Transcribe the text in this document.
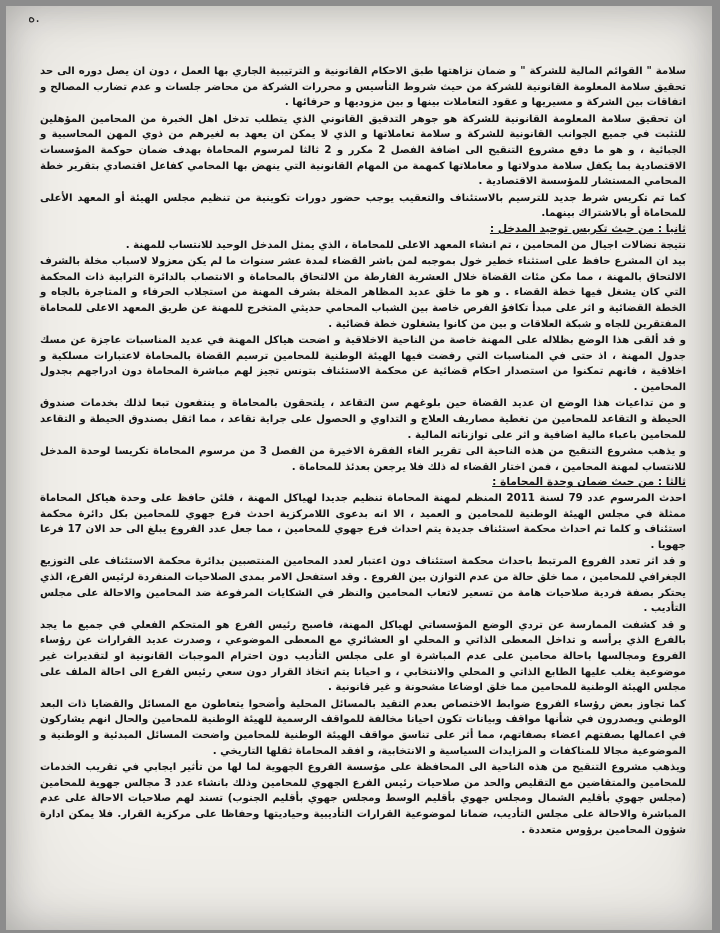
ه.

سلامة " القوائم المالية للشركة " و ضمان نزاهتها طبق الاحكام القانونية و الترتيبية الجاري بها العمل ، دون ان يصل دوره الى حد تحقيق سلامة المعلومة القانونية للشركة من حيث شروط التأسيس و محررات الشركة من محاضر جلسات و عدم تضارب المصالح و اتفاقات بين الشركة و مسيريها و عقود التعاملات بينها و بين مزوديها و حرفائها .

ان تحقيق سلامة المعلومة القانونية للشركة هو جوهر التدقيق القانوني الذي يتطلب تدخل اهل الخبرة من المحامين المؤهلين للتثبت في جميع الجوانب القانونية للشركة و سلامة تعاملاتها و الذي لا يمكن ان يعهد به لغيرهم من ذوي المهن المحاسبية و الجبائية ، و هو ما دفع مشروع التنقيح الى اضافة الفصل 2 مكرر و 2 ثالثا لمرسوم المحاماة بهدف ضمان حوكمة المؤسسات الاقتصادية بما يكفل سلامة مدولاتها و معاملاتها كمهمة من المهام القانونية التي ينهض بها المحامي كفاعل اقتصادي بتقرير خطة المحامي المستشار للمؤسسة الاقتصادية .

كما تم تكريس شرط جديد للترسيم بالاستئناف والتعقيب يوجب حضور دورات تكوينية من تنظيم مجلس الهيئة أو المعهد الأعلى للمحاماة أو بالاشتراك بينهما.

ثانيا : من حيث تكريس توحيد المدخل :

نتيجة نضالات اجيال من المحامين ، تم انشاء المعهد الاعلى للمحاماة ، الذي يمثل المدخل الوحيد للانتساب للمهنة .

بيد ان المشرع حافظ على استثناء خطير خول بموجبه لمن باشر القضاء لمدة عشر سنوات ما لم يكن معزولا لاسباب مخلة بالشرف الالتحاق بالمهنة ، مما مكن مئات القضاة خلال العشرية الفارطة من الالتحاق بالمحاماة و الانتصاب بالدائرة الترابية ذات المحكمة التي كان يشغل فيها خطة القضاء . و هو ما خلق عديد المظاهر المخلة بشرف المهنة من استجلاب الحرفاء و المتاجرة بالجاه و الخطة القضائية و اثر على مبدأ تكافؤ الفرص خاصة بين الشباب المحامي حديثي المتخرج للمهنة عن طريق المعهد الاعلى للمحاماة المفتقرين للجاه و شبكة العلاقات و بين من كانوا يشغلون خطة قضائية .

و قد ألقى هذا الوضع بظلاله على المهنة خاصة من الناحية الاخلاقية و اضحت هياكل المهنة في عديد المناسبات عاجزة عن مسك جدول المهنة ، اذ حتى في المناسبات التي رفضت فيها الهيئة الوطنية للمحامين ترسيم القضاة بالمحاماة لاعتبارات مسلكية و اخلاقية ، فانهم تمكنوا من استصدار احكام قضائية عن محكمة الاستئناف بتونس تجيز لهم مباشرة المحاماة دون ادراجهم بجدول المحامين .

و من تداعيات هذا الوضع ان عديد القضاة حين بلوغهم سن التقاعد ، يلتحقون بالمحاماة و ينتفعون تبعا لذلك بخدمات صندوق الحيطة و التقاعد للمحامين من تغطية مصاريف العلاج و التداوي و الحصول على جراية تقاعد ، مما اثقل بصندوق الحيطة و التقاعد للمحامين باعباء مالية اضافية و اثر على توازناته المالية .

و يذهب مشروع التنقيح من هذه الناحية الى تقرير الغاء الفقرة الاخيرة من الفصل 3 من مرسوم المحاماة تكريسا لوحدة المدخل للانتساب لمهنة المحامين ، فمن اختار القضاء له ذلك فلا يرجعن بعدئذ للمحاماة .

ثالثا : من حيث ضمان وحدة المحاماة :

احدث المرسوم عدد 79 لسنة 2011 المنظم لمهنة المحاماة تنظيم جديدا لهياكل المهنة ، فلئن حافظ على وحدة هياكل المحاماة ممثلة في مجلس الهيئة الوطنية للمحامين و العميد ، الا انه بدعوى اللامركزية احدث فرع جهوي للمحامين بكل دائرة محكمة استئناف و كلما تم احداث محكمة استئناف جديدة يتم احداث فرع جهوي للمحامين ، مما جعل عدد الفروع يبلغ الى حد الان 17 فرعا جهويا .

و قد اثر تعدد الفروع المرتبط باحداث محكمة استئناف دون اعتبار لعدد المحامين المنتصبين بدائرة محكمة الاستئناف على التوزيع الجغرافي للمحامين ، مما خلق حالة من عدم التوازن بين الفروع . وقد استفحل الامر بمدى الصلاحيات المنفردة لرئيس الفرع، الذي يحتكر بصفة فردية صلاحيات هامة من تسعير لاتعاب المحامين والنظر في الشكايات المرفوعة ضد المحامين والاحالة على مجلس التأديب .

و قد كشفت الممارسة عن تردي الوضع المؤسساتي لهياكل المهنة، فاصبح رئيس الفرع هو المتحكم الفعلي في جميع ما يجد بالفرع الذي يرأسه و تداخل المعطى الذاتي و المحلي او العشائري مع المعطى الموضوعي ، وصدرت عديد القرارات عن رؤساء الفروع ومجالسها باحالة محامين على عدم المباشرة او على مجلس التأديب دون احترام الموجبات القانونية او لتقديرات غير موضوعية يغلب عليها الطابع الذاتي و المحلي والانتخابي ، و احيانا يتم اتخاذ القرار دون سعي رئيس الفرع الى احالة الملف على مجلس الهيئة الوطنية للمحامين مما خلق اوضاعا مشحونة و غير قانونية .

كما تجاوز بعض رؤساء الفروع ضوابط الاختصاص بعدم التقيد بالمسائل المحلية وأضحوا يتعاطون مع المسائل والقضايا ذات البعد الوطني ويصدرون في شأنها مواقف وبيانات تكون احيانا مخالفة للمواقف الرسمية للهيئة الوطنية للمحامين والحال انهم يشاركون في اعمالها بصفتهم اعضاء بصفاتهم، مما أثر على تناسق مواقف الهيئة الوطنية للمحامين واضحت المسائل المبدئية و الوطنية و الموضوعية مجالا للمناكفات و المزايدات السياسية و الانتخابية، و افقد المحاماة ثقلها التاريخي .

ويذهب مشروع التنقيح من هذه الناحية الى المحافظة على مؤسسة الفروع الجهوية لما لها من تأثير ايجابي في تقريب الخدمات للمحامين والمتقاضين مع التقليص والحد من صلاحيات رئيس الفرع الجهوي للمحامين وذلك بانشاء عدد 3 مجالس جهوية للمحامين (مجلس جهوي بأقليم الشمال ومجلس جهوي بأقليم الوسط ومجلس جهوي بأقليم الجنوب) تسند لهم صلاحيات الاحالة على عدم المباشرة والاحالة على مجلس التأديب، ضمانا لموضوعية القرارات التأديبية وحياديتها وحفاظا على مركزية القرار. فلا يمكن ادارة شؤون المحامين برؤوس متعددة .
